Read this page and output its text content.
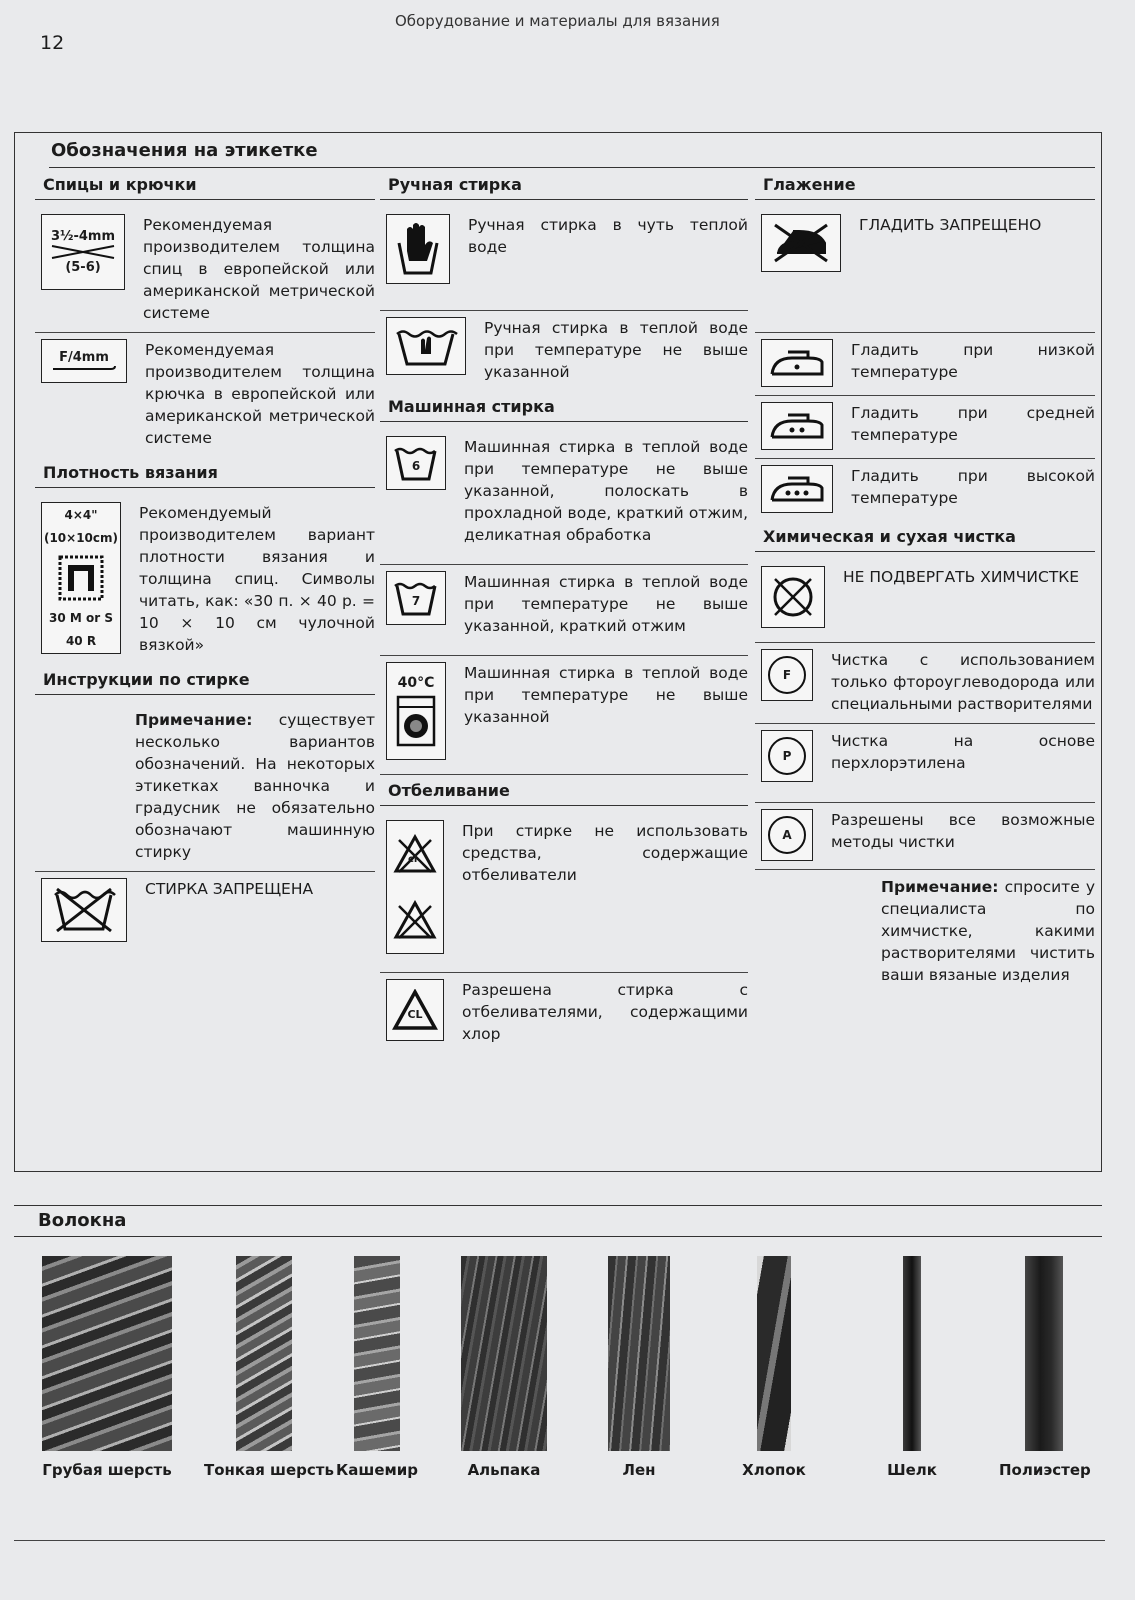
12
Оборудование и материалы для вязания
Обозначения на этикетке
Спицы и крючки
3½-4mm
(5-6)
Рекомендуемая производителем толщина спиц в европейской или американской метрической системе
F/4mm Рекомендуемая производителем толщина крючка в европейской или американской метрической системе
Плотность вязания
4×4"
(10×10cm)
30 M or S
40 R
Рекомендуемый производителем вариант плотности вязания и толщина спиц. Символы читать, как: «30 п. × 40 р. = 10 × 10 см чулочной вязкой»
Инструкции по стирке
Примечание: существует несколько вариантов обозначений. На некоторых этикетках ванночка и градусник не обязательно обозначают машинную стирку
СТИРКА ЗАПРЕЩЕНА
Ручная стирка
Ручная стирка в чуть теплой воде
Ручная стирка в теплой воде при температуре не выше указанной
Машинная стирка
6
Машинная стирка в теплой воде при температуре не выше указанной, полоскать в прохладной воде, краткий отжим, деликатная обработка
7
Машинная стирка в теплой воде при температуре не выше указанной, краткий отжим
40°C
Машинная стирка в теплой воде при температуре не выше указанной
Отбеливание
cl
При стирке не использовать средства, содержащие отбеливатели
CL
Разрешена стирка с отбеливателями, содержащими хлор
Глажение
ГЛАДИТЬ ЗАПРЕЩЕНО
Гладить при низкой температуре
Гладить при средней температуре
Гладить при высокой температуре
Химическая и сухая чистка
НЕ ПОДВЕРГАТЬ ХИМЧИСТКЕ
F
Чистка с использованием только фтороуглеводорода или специальными растворителями
P
Чистка на основе перхлорэтилена
A
Разрешены все возможные методы чистки
Примечание: спросите у специалиста по химчистке, какими растворителями чистить ваши вязаные изделия
Волокна
Грубая шерсть Тонкая шерсть Кашемир	Альпака	Лен	Хлопок	Шелк	Полиэстер
